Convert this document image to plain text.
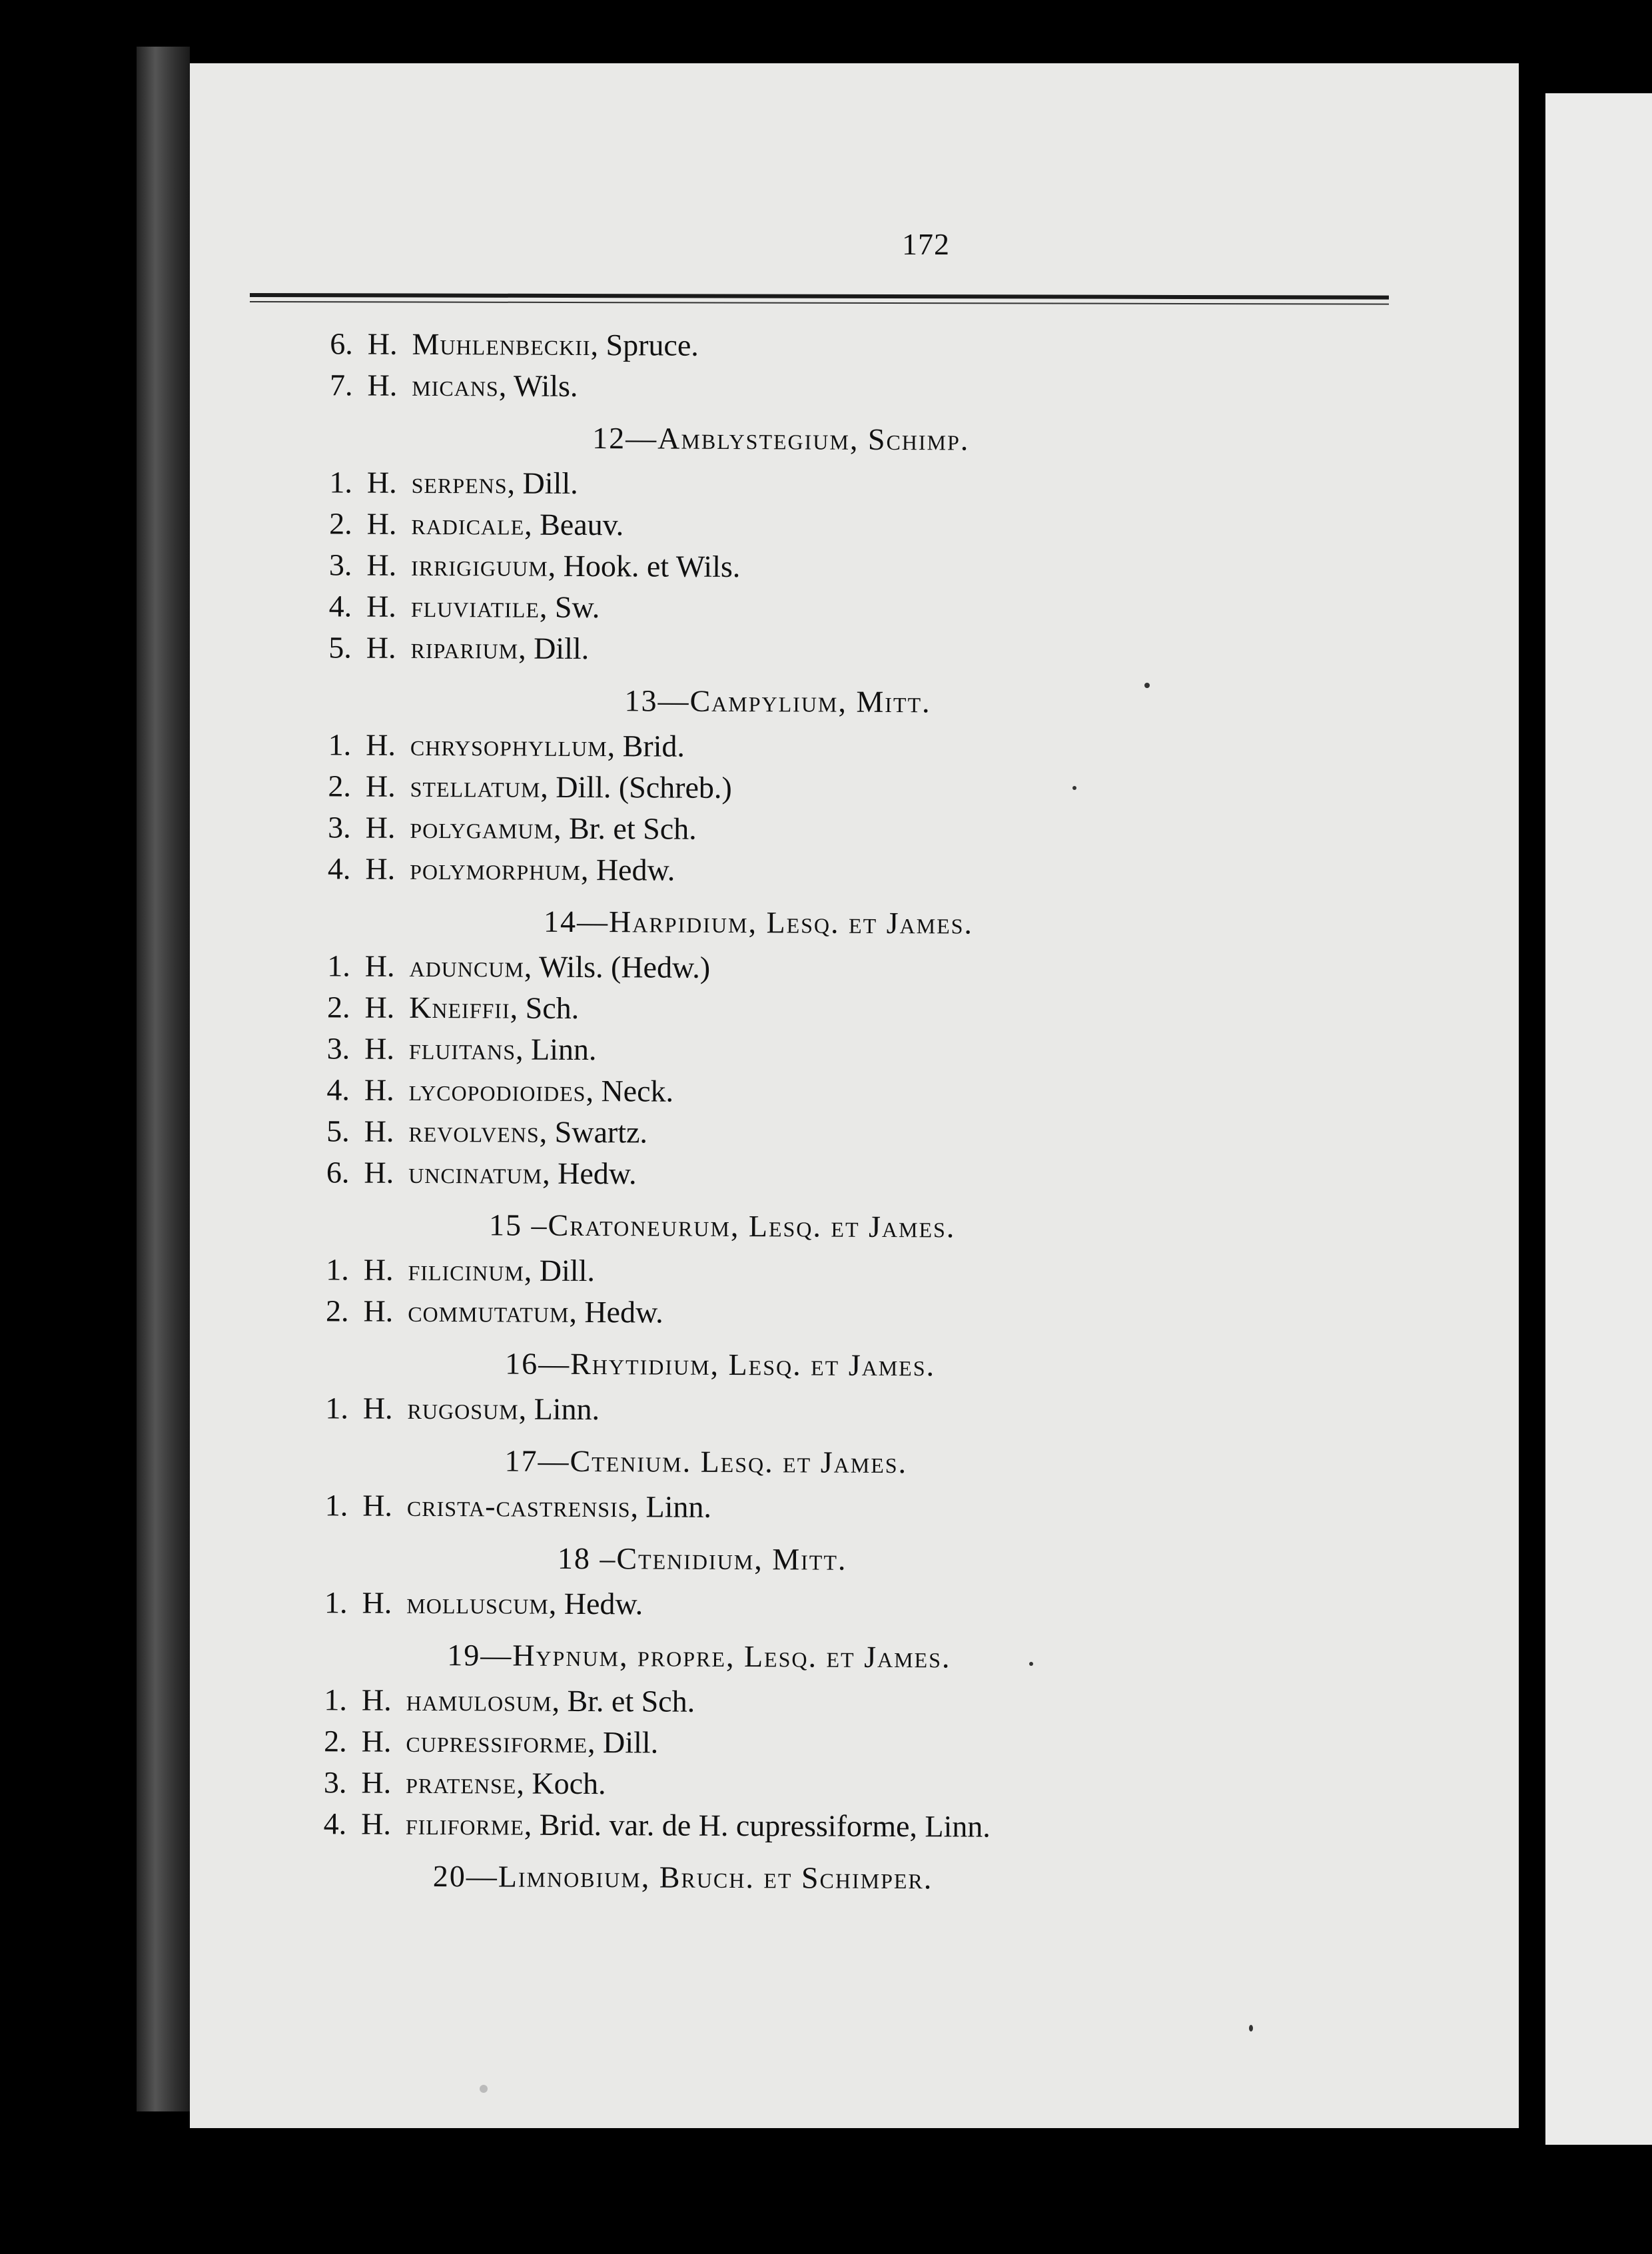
172
6. H. Muhlenbeckii, Spruce.
7. H. micans, Wils.
12—Amblystegium, Schimp.
1. H. serpens, Dill.
2. H. radicale, Beauv.
3. H. irrigiguum, Hook. et Wils.
4. H. fluviatile, Sw.
5. H. riparium, Dill.
13—Campylium, Mitt.
1. H. chrysophyllum, Brid.
2. H. stellatum, Dill. (Schreb.)
3. H. polygamum, Br. et Sch.
4. H. polymorphum, Hedw.
14—Harpidium, Lesq. et James.
1. H. aduncum, Wils. (Hedw.)
2. H. Kneiffii, Sch.
3. H. fluitans, Linn.
4. H. lycopodioides, Neck.
5. H. revolvens, Swartz.
6. H. uncinatum, Hedw.
15 –Cratoneurum, Lesq. et James.
1. H. filicinum, Dill.
2. H. commutatum, Hedw.
16—Rhytidium, Lesq. et James.
1. H. rugosum, Linn.
17—Ctenium. Lesq. et James.
1. H. crista-castrensis, Linn.
18 –Ctenidium, Mitt.
1. H. molluscum, Hedw.
19—Hypnum, propre, Lesq. et James.
1. H. hamulosum, Br. et Sch.
2. H. cupressiforme, Dill.
3. H. pratense, Koch.
4. H. filiforme, Brid. var. de H. cupressiforme, Linn.
20—Limnobium, Bruch. et Schimper.
